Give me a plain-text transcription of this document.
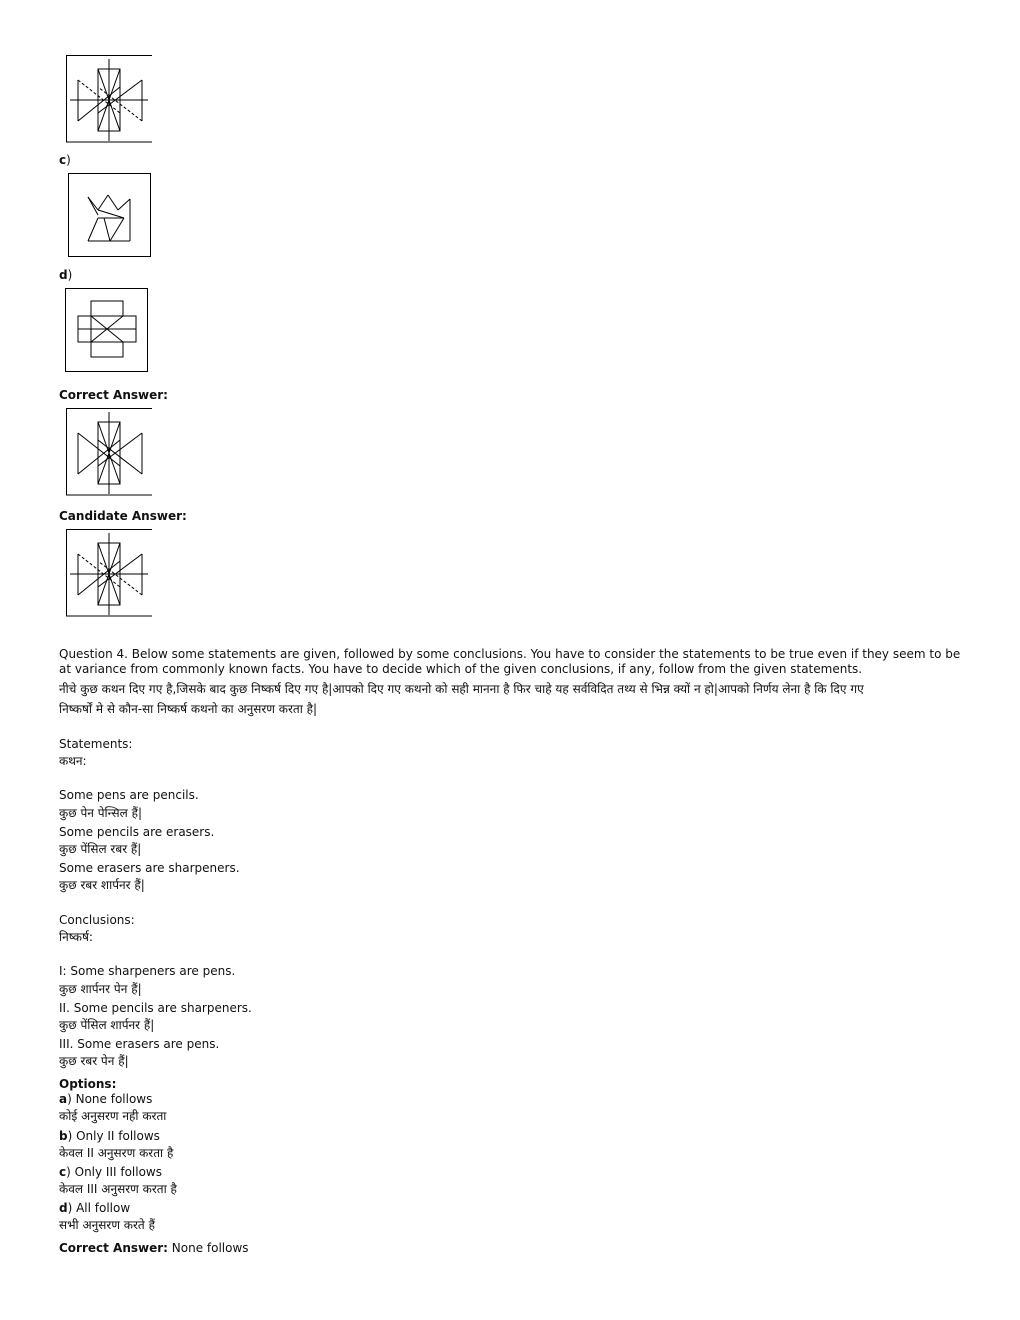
c)
d)
Correct Answer:
Candidate Answer:
Question 4. Below some statements are given, followed by some conclusions. You have to consider the statements to be true even if they seem to be at variance from commonly known facts. You have to decide which of the given conclusions, if any, follow from the given statements.
नीचे कुछ कथन दिए गए है,जिसके बाद कुछ निष्कर्ष दिए गए है|आपको दिए गए कथनो को सही मानना है फिर चाहे यह सर्वविदित तथ्य से भिन्न क्यों न हो|आपको निर्णय लेना है कि दिए गए
निष्कर्षों मे से कौन-सा निष्कर्ष कथनो का अनुसरण करता है|
Statements:
कथन:
Some pens are pencils.
कुछ पेन पेन्सिल हैं|
Some pencils are erasers.
कुछ पेंसिल रबर हैं|
Some erasers are sharpeners.
कुछ रबर शार्पनर हैं|
Conclusions:
निष्कर्ष:
I: Some sharpeners are pens.
कुछ शार्पनर पेन हैं|
II. Some pencils are sharpeners.
कुछ पेंसिल शार्पनर हैं|
III. Some erasers are pens.
कुछ रबर पेन हैं|
Options:
a) None follows
कोई अनुसरण नही करता
b) Only II follows
केवल II अनुसरण करता है
c) Only III follows
केवल III अनुसरण करता है
d) All follow
सभी अनुसरण करते हैं
Correct Answer: None follows
